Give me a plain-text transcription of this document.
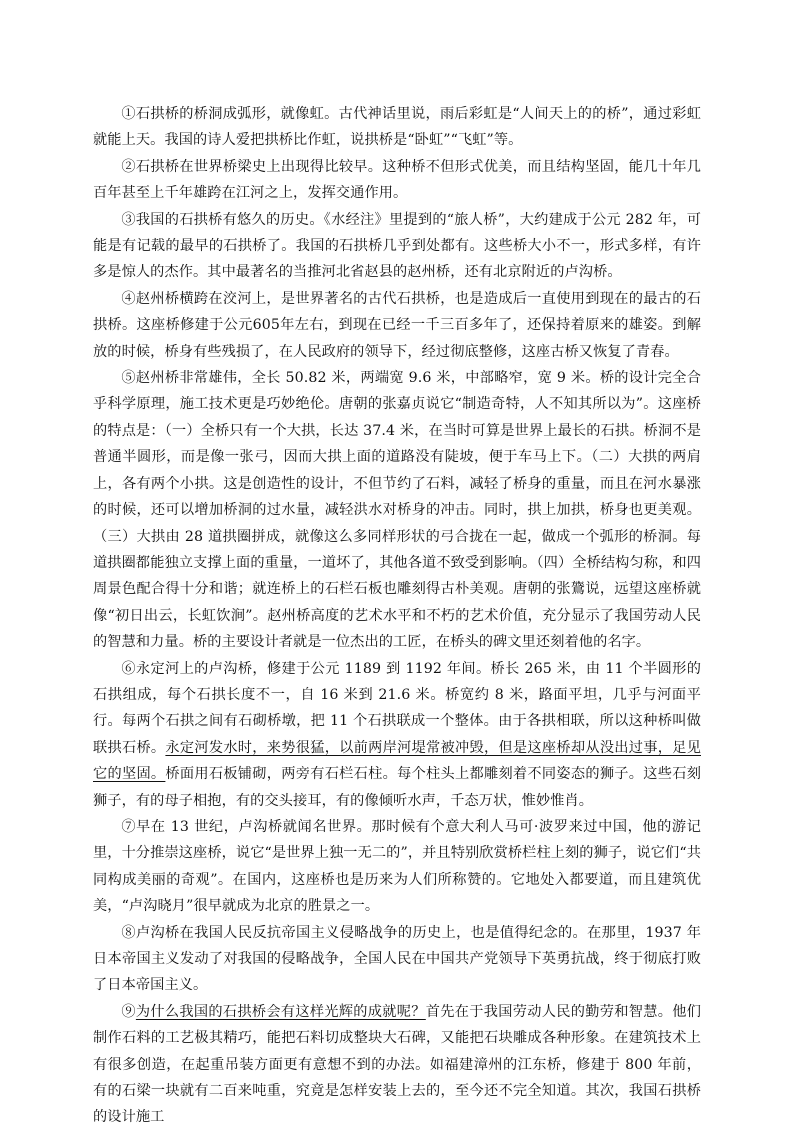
①石拱桥的桥洞成弧形，就像虹。古代神话里说，雨后彩虹是“人间天上的的桥”，通过彩虹就能上天。我国的诗人爱把拱桥比作虹，说拱桥是“卧虹”“飞虹”等。

②石拱桥在世界桥梁史上出现得比较早。这种桥不但形式优美，而且结构坚固，能几十年几百年甚至上千年雄跨在江河之上，发挥交通作用。

③我国的石拱桥有悠久的历史。《水经注》里提到的“旅人桥”，大约建成于公元 282 年，可能是有记载的最早的石拱桥了。我国的石拱桥几乎到处都有。这些桥大小不一，形式多样，有许多是惊人的杰作。其中最著名的当推河北省赵县的赵州桥，还有北京附近的卢沟桥。

④赵州桥横跨在洨河上，是世界著名的古代石拱桥，也是造成后一直使用到现在的最古的石拱桥。这座桥修建于公元605年左右，到现在已经一千三百多年了，还保持着原来的雄姿。到解放的时候，桥身有些残损了，在人民政府的领导下，经过彻底整修，这座古桥又恢复了青春。

⑤赵州桥非常雄伟，全长 50.82 米，两端宽 9.6 米，中部略窄，宽 9 米。桥的设计完全合乎科学原理，施工技术更是巧妙绝伦。唐朝的张嘉贞说它“制造奇特，人不知其所以为”。这座桥的特点是：（一）全桥只有一个大拱，长达 37.4 米，在当时可算是世界上最长的石拱。桥洞不是普通半圆形，而是像一张弓，因而大拱上面的道路没有陡坡，便于车马上下。（二）大拱的两肩上，各有两个小拱。这是创造性的设计，不但节约了石料，减轻了桥身的重量，而且在河水暴涨的时候，还可以增加桥洞的过水量，减轻洪水对桥身的冲击。同时，拱上加拱，桥身也更美观。（三）大拱由 28 道拱圈拼成，就像这么多同样形状的弓合拢在一起，做成一个弧形的桥洞。每道拱圈都能独立支撑上面的重量，一道坏了，其他各道不致受到影响。（四）全桥结构匀称，和四周景色配合得十分和谐；就连桥上的石栏石板也雕刻得古朴美观。唐朝的张鷟说，远望这座桥就像“初日出云，长虹饮涧”。赵州桥高度的艺术水平和不朽的艺术价值，充分显示了我国劳动人民的智慧和力量。桥的主要设计者就是一位杰出的工匠，在桥头的碑文里还刻着他的名字。

⑥永定河上的卢沟桥，修建于公元 1189 到 1192 年间。桥长 265 米，由 11 个半圆形的石拱组成，每个石拱长度不一，自 16 米到 21.6 米。桥宽约 8 米，路面平坦，几乎与河面平行。每两个石拱之间有石砌桥墩，把 11 个石拱联成一个整体。由于各拱相联，所以这种桥叫做联拱石桥。永定河发水时，来势很猛，以前两岸河堤常被冲毁，但是这座桥却从没出过事，足见它的坚固。桥面用石板铺砌，两旁有石栏石柱。每个柱头上都雕刻着不同姿态的狮子。这些石刻狮子，有的母子相抱，有的交头接耳，有的像倾听水声，千态万状，惟妙惟肖。

⑦早在 13 世纪，卢沟桥就闻名世界。那时候有个意大利人马可·波罗来过中国，他的游记里，十分推崇这座桥，说它“是世界上独一无二的”，并且特别欣赏桥栏柱上刻的狮子，说它们“共同构成美丽的奇观”。在国内，这座桥也是历来为人们所称赞的。它地处入都要道，而且建筑优美，“卢沟晓月”很早就成为北京的胜景之一。

⑧卢沟桥在我国人民反抗帝国主义侵略战争的历史上，也是值得纪念的。在那里，1937 年日本帝国主义发动了对我国的侵略战争，全国人民在中国共产党领导下英勇抗战，终于彻底打败了日本帝国主义。

⑨为什么我国的石拱桥会有这样光辉的成就呢？首先在于我国劳动人民的勤劳和智慧。他们制作石料的工艺极其精巧，能把石料切成整块大石碑，又能把石块雕成各种形象。在建筑技术上有很多创造，在起重吊装方面更有意想不到的办法。如福建漳州的江东桥，修建于 800 年前，有的石梁一块就有二百来吨重，究竟是怎样安装上去的，至今还不完全知道。其次，我国石拱桥的设计施工
